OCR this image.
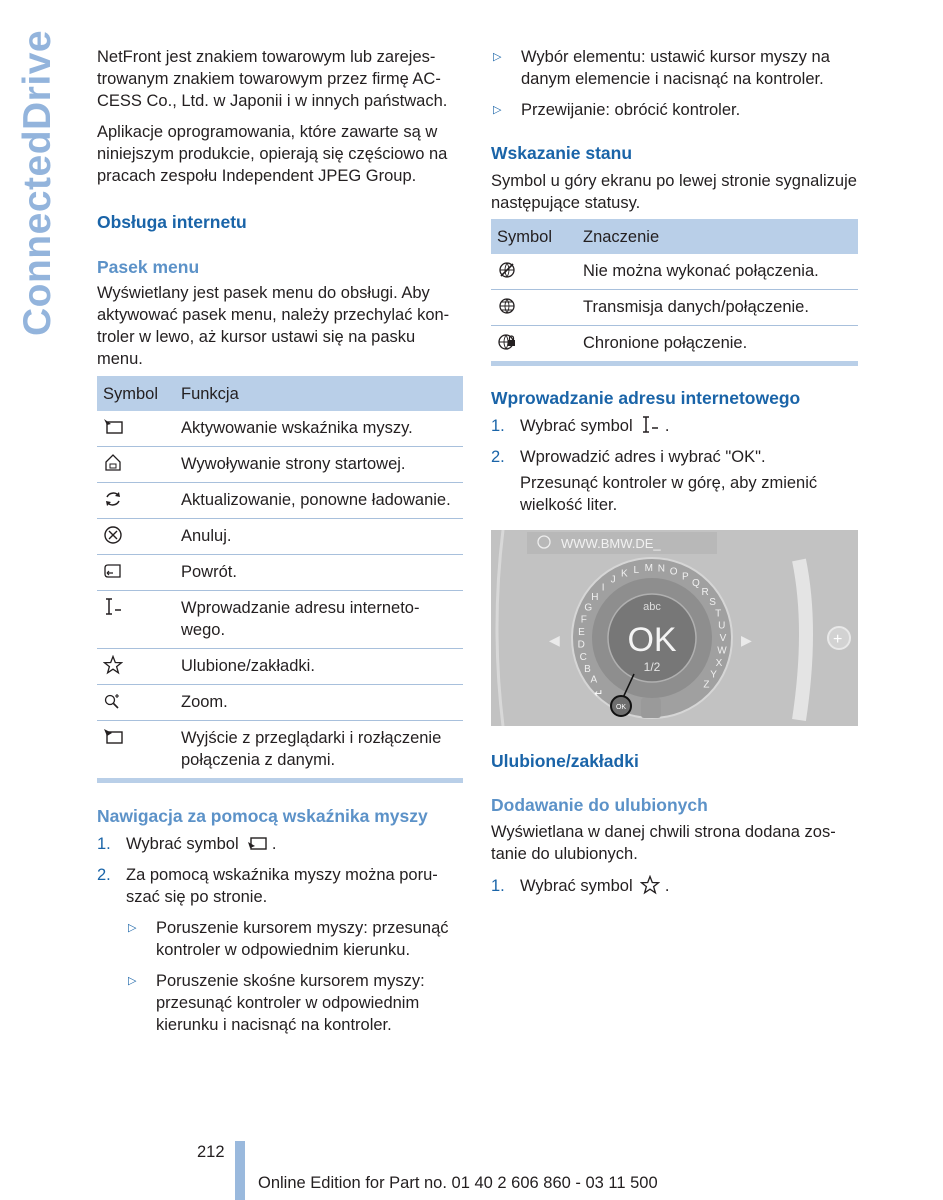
ConnectedDrive NetFront jest znakiem towarowym lub zarejestrowanym znakiem towarowym przez firmę ACCESS Co., Ltd. w Japonii i w innych państwach.

Aplikacje oprogramowania, które zawarte są w niniejszym produkcie, opierają się częściowo na pracach zespołu Independent JPEG Group.

Obsługa internetu
Pasek menu

Wyświetlany jest pasek menu do obsługi. Aby aktywować pasek menu, należy przechylać kontroler w lewo, aż kursor ustawi się na pasku menu.

Symbol	Funkcja
	Aktywowanie wskaźnika myszy.
	Wywoływanie strony startowej.
	Aktualizowanie, ponowne ładowanie.
	Anuluj.
	Powrót.
	Wprowadzanie adresu internetowego.
	Ulubione/zakładki.
	Zoom.
	Wyjście z przeglądarki i rozłączenie połączenia z danymi.
Nawigacja za pomocą wskaźnika myszy
1. Wybrać symbol .
2. Za pomocą wskaźnika myszy można poruszać się po stronie.
▷ Poruszenie kursorem myszy: przesunąć kontroler w odpowiednim kierunku.
▷ Poruszenie skośne kursorem myszy: przesunąć kontroler w odpowiednim kierunku i nacisnąć na kontroler.
▷ Wybór elementu: ustawić kursor myszy na danym elemencie i nacisnąć na kontroler.
▷ Przewijanie: obrócić kontroler.
Wskazanie stanu

Symbol u góry ekranu po lewej stronie sygnalizuje następujące statusy.

Symbol	Znaczenie
	Nie można wykonać połączenia.
	Transmisja danych/połączenie.
	Chronione połączenie.
Wprowadzanie adresu internetowego
1. Wybrać symbol .
2. Wprowadzić adres i wybrać "OK".

Przesunąć kontroler w górę, aby zmienić wielkość liter.

WWW.BMW.DE_
◀	▶	+
A
B
C
D
E
F
G
H
I
J
K L M N O P
Q
R
S
T
U
V
W
X
Y
Z
abc
OK
1/2
OK
↵
Ulubione/zakładki
Dodawanie do ulubionych

Wyświetlana w danej chwili strona dodana zostanie do ulubionych.

1. Wybrać symbol .
212
Online Edition for Part no. 01 40 2 606 860 - 03 11 500
